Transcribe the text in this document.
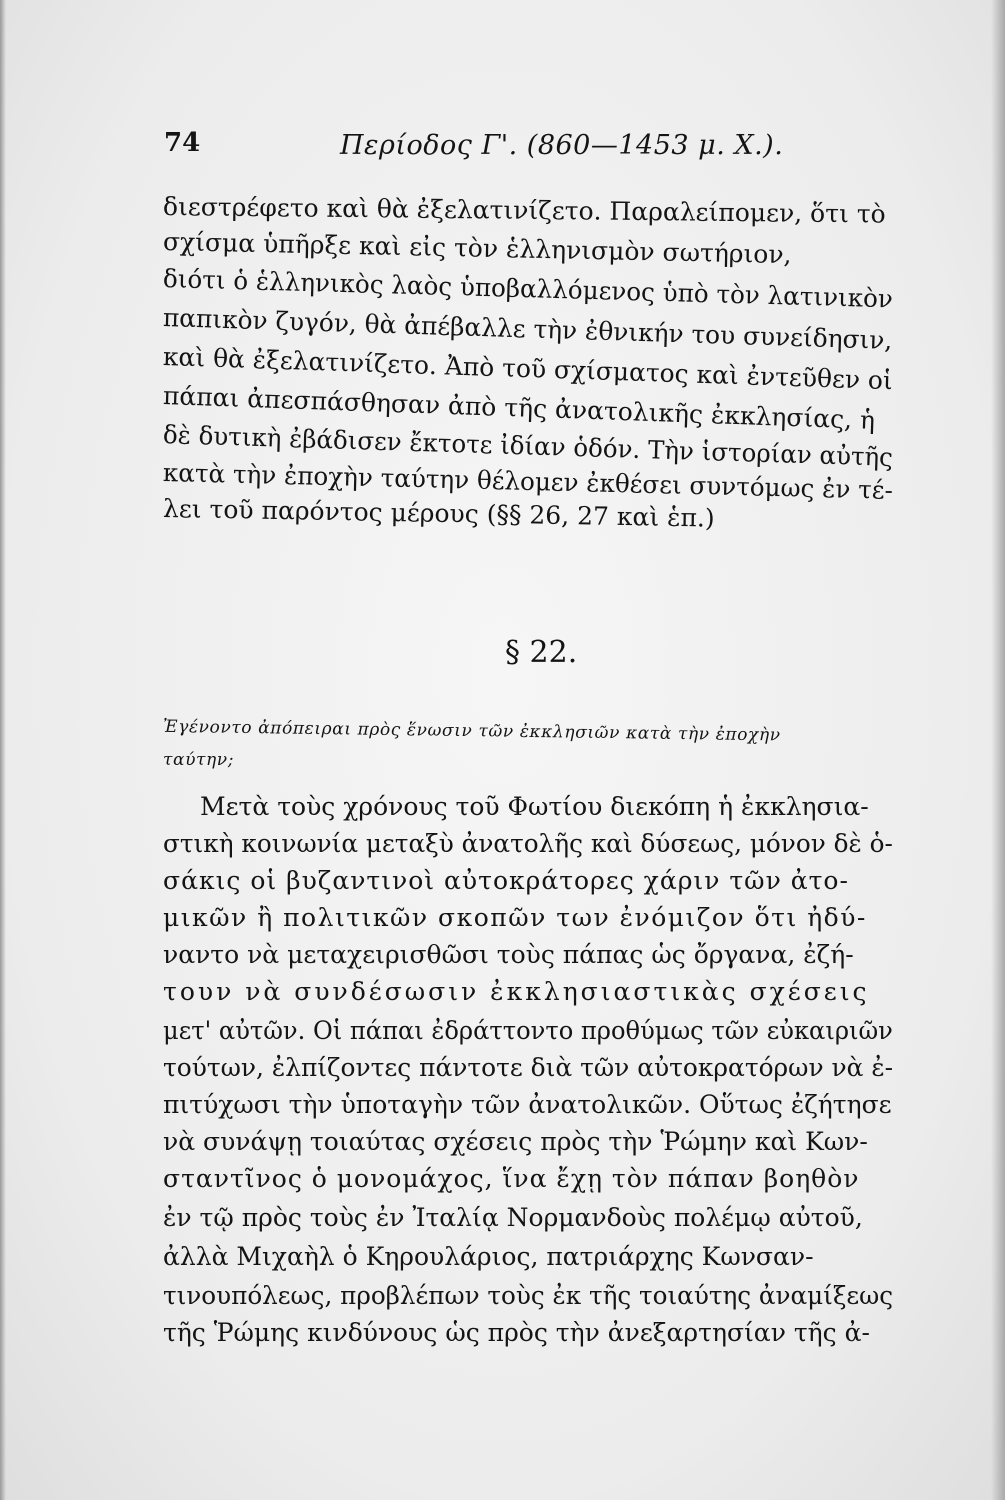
74	Περίοδος Γ'. (860—1453 μ. Χ.).
διεστρέφετο καὶ θὰ ἐξελατινίζετο. Παραλείπομεν, ὅτι τὸ
σχίσμα ὑπῆρξε καὶ εἰς τὸν ἑλληνισμὸν σωτήριον,
διότι ὁ ἑλληνικὸς λαὸς ὑποβαλλόμενος ὑπὸ τὸν λατινικὸν
παπικὸν ζυγόν, θὰ ἀπέβαλλε τὴν ἐθνικήν του συνείδησιν,
καὶ θὰ ἐξελατινίζετο. Ἀπὸ τοῦ σχίσματος καὶ ἐντεῦθεν οἱ
πάπαι ἀπεσπάσθησαν ἀπὸ τῆς ἀνατολικῆς ἐκκλησίας, ἡ
δὲ δυτικὴ ἐβάδισεν ἔκτοτε ἰδίαν ὁδόν. Τὴν ἱστορίαν αὐτῆς
κατὰ τὴν ἐποχὴν ταύτην θέλομεν ἐκθέσει συντόμως ἐν τέ-
λει τοῦ παρόντος μέρους (§§ 26, 27 καὶ ἑπ.)
§ 22.
Ἐγένοντο ἀπόπειραι πρὸς ἕνωσιν τῶν ἐκκλησιῶν κατὰ τὴν ἐποχὴν
ταύτην;
Μετὰ τοὺς χρόνους τοῦ Φωτίου διεκόπη ἡ ἐκκλησια-
στικὴ κοινωνία μεταξὺ ἀνατολῆς καὶ δύσεως, μόνον δὲ ὁ-
σάκις οἱ βυζαντινοὶ αὐτοκράτορες χάριν τῶν ἀτο-
μικῶν ἢ πολιτικῶν σκοπῶν των ἐνόμιζον ὅτι ἠδύ-
ναντο νὰ μεταχειρισθῶσι τοὺς πάπας ὡς ὄργανα, ἐζή-
τουν νὰ συνδέσωσιν ἐκκλησιαστικὰς σχέσεις
μετ' αὐτῶν. Οἱ πάπαι ἐδράττοντο προθύμως τῶν εὐκαιριῶν
τούτων, ἐλπίζοντες πάντοτε διὰ τῶν αὐτοκρατόρων νὰ ἐ-
πιτύχωσι τὴν ὑποταγὴν τῶν ἀνατολικῶν. Οὕτως ἐζήτησε
νὰ συνάψῃ τοιαύτας σχέσεις πρὸς τὴν Ῥώμην καὶ Κων-
σταντῖνος ὁ μονομάχος, ἵνα ἔχῃ τὸν πάπαν βοηθὸν
ἐν τῷ πρὸς τοὺς ἐν Ἰταλίᾳ Νορμανδοὺς πολέμῳ αὐτοῦ,
ἀλλὰ Μιχαὴλ ὁ Κηρουλάριος, πατριάρχης Κωνσαν-
τινουπόλεως, προβλέπων τοὺς ἐκ τῆς τοιαύτης ἀναμίξεως
τῆς Ῥώμης κινδύνους ὡς πρὸς τὴν ἀνεξαρτησίαν τῆς ἀ-
